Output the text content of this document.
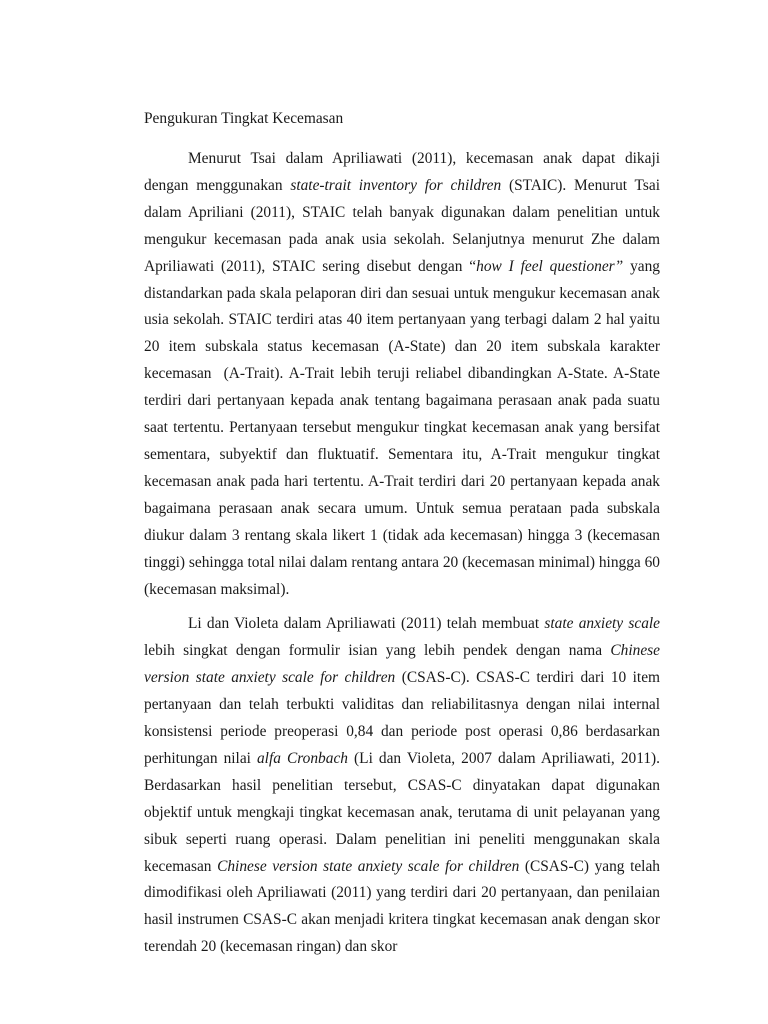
Pengukuran Tingkat Kecemasan

Menurut Tsai dalam Apriliawati (2011), kecemasan anak dapat dikaji dengan menggunakan state-trait inventory for children (STAIC). Menurut Tsai dalam Apriliani (2011), STAIC telah banyak digunakan dalam penelitian untuk mengukur kecemasan pada anak usia sekolah. Selanjutnya menurut Zhe dalam Apriliawati (2011), STAIC sering disebut dengan “how I feel questioner” yang distandarkan pada skala pelaporan diri dan sesuai untuk mengukur kecemasan anak usia sekolah. STAIC terdiri atas 40 item pertanyaan yang terbagi dalam 2 hal yaitu 20 item subskala status kecemasan (A-State) dan 20 item subskala karakter kecemasan  (A-Trait). A-Trait lebih teruji reliabel dibandingkan A-State. A-State terdiri dari pertanyaan kepada anak tentang bagaimana perasaan anak pada suatu saat tertentu. Pertanyaan tersebut mengukur tingkat kecemasan anak yang bersifat sementara, subyektif dan fluktuatif. Sementara itu, A-Trait mengukur tingkat kecemasan anak pada hari tertentu. A-Trait terdiri dari 20 pertanyaan kepada anak bagaimana perasaan anak secara umum. Untuk semua perataan pada subskala diukur dalam 3 rentang skala likert 1 (tidak ada kecemasan) hingga 3 (kecemasan tinggi) sehingga total nilai dalam rentang antara 20 (kecemasan minimal) hingga 60 (kecemasan maksimal).

Li dan Violeta dalam Apriliawati (2011) telah membuat state anxiety scale lebih singkat dengan formulir isian yang lebih pendek dengan nama Chinese version state anxiety scale for children (CSAS-C). CSAS-C terdiri dari 10 item pertanyaan dan telah terbukti validitas dan reliabilitasnya dengan nilai internal konsistensi periode preoperasi 0,84 dan periode post operasi 0,86 berdasarkan perhitungan nilai alfa Cronbach (Li dan Violeta, 2007 dalam Apriliawati, 2011). Berdasarkan hasil penelitian tersebut, CSAS-C dinyatakan dapat digunakan objektif untuk mengkaji tingkat kecemasan anak, terutama di unit pelayanan yang sibuk seperti ruang operasi. Dalam penelitian ini peneliti menggunakan skala kecemasan Chinese version state anxiety scale for children (CSAS-C) yang telah dimodifikasi oleh Apriliawati (2011) yang terdiri dari 20 pertanyaan, dan penilaian hasil instrumen CSAS-C akan menjadi kritera tingkat kecemasan anak dengan skor terendah 20 (kecemasan ringan) dan skor
